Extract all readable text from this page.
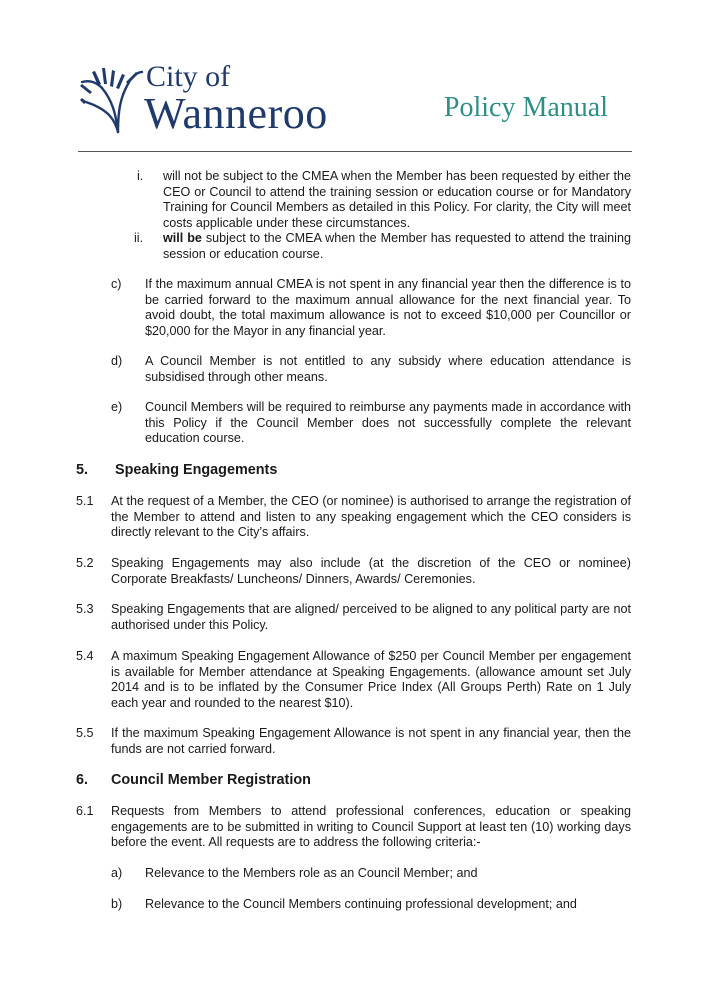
City of
Wanneroo	Policy Manual
i. will not be subject to the CMEA when the Member has been requested by either the CEO or Council to attend the training session or education course or for Mandatory Training for Council Members as detailed in this Policy. For clarity, the City will meet costs applicable under these circumstances.
ii. will be subject to the CMEA when the Member has requested to attend the training session or education course.
c) If the maximum annual CMEA is not spent in any financial year then the difference is to be carried forward to the maximum annual allowance for the next financial year. To avoid doubt, the total maximum allowance is not to exceed $10,000 per Councillor or $20,000 for the Mayor in any financial year.
d) A Council Member is not entitled to any subsidy where education attendance is subsidised through other means.
e) Council Members will be required to reimburse any payments made in accordance with this Policy if the Council Member does not successfully complete the relevant education course.
5. Speaking Engagements
5.1 At the request of a Member, the CEO (or nominee) is authorised to arrange the registration of the Member to attend and listen to any speaking engagement which the CEO considers is directly relevant to the City’s affairs.
5.2 Speaking Engagements may also include (at the discretion of the CEO or nominee) Corporate Breakfasts/ Luncheons/ Dinners, Awards/ Ceremonies.
5.3 Speaking Engagements that are aligned/ perceived to be aligned to any political party are not authorised under this Policy.
5.4 A maximum Speaking Engagement Allowance of $250 per Council Member per engagement is available for Member attendance at Speaking Engagements. (allowance amount set July 2014 and is to be inflated by the Consumer Price Index (All Groups Perth) Rate on 1 July each year and rounded to the nearest $10).
5.5 If the maximum Speaking Engagement Allowance is not spent in any financial year, then the funds are not carried forward.
6. Council Member Registration
6.1 Requests from Members to attend professional conferences, education or speaking engagements are to be submitted in writing to Council Support at least ten (10) working days before the event. All requests are to address the following criteria:-
a) Relevance to the Members role as an Council Member; and
b) Relevance to the Council Members continuing professional development; and
